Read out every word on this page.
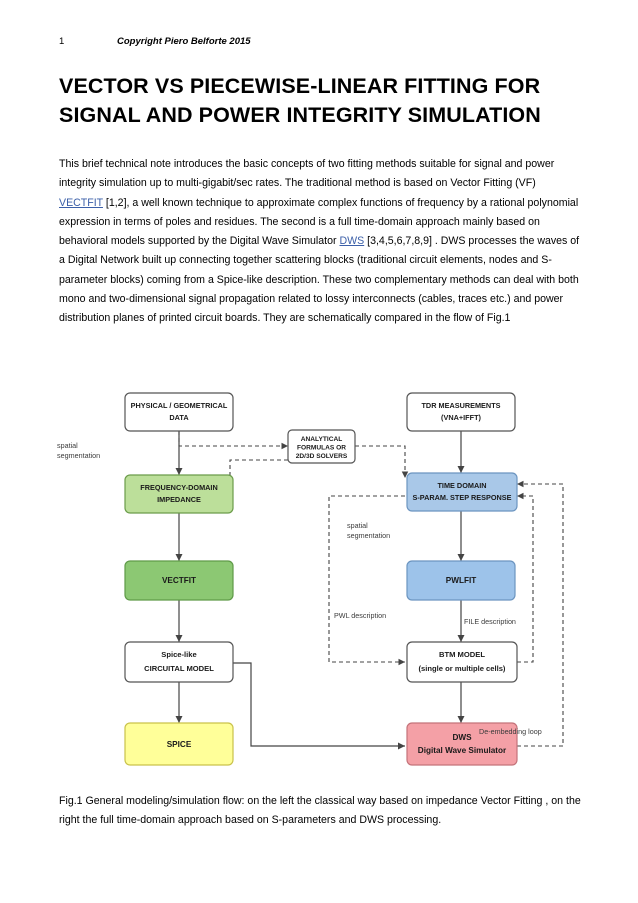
1	Copyright Piero Belforte 2015
VECTOR VS PIECEWISE-LINEAR FITTING FOR SIGNAL AND POWER INTEGRITY SIMULATION
This brief technical note introduces the basic concepts of two fitting methods suitable for signal and power integrity simulation up to multi-gigabit/sec rates. The traditional method is based on Vector Fitting (VF) VECTFIT [1,2], a well known technique to approximate complex functions of frequency by a rational polynomial expression in terms of poles and residues. The second is a full time-domain approach mainly based on behavioral models supported by the Digital Wave Simulator DWS [3,4,5,6,7,8,9] . DWS processes the waves of a Digital Network built up connecting together scattering blocks (traditional circuit elements, nodes and S-parameter blocks) coming from a Spice-like description. These two complementary methods can deal with both mono and two-dimensional signal propagation related to lossy interconnects (cables, traces etc.) and power distribution planes of printed circuit boards. They are schematically compared in the flow of Fig.1
PHYSICAL / GEOMETRICAL
DATA
TDR MEASUREMENTS
(VNA+IFFT)
ANALYTICAL
FORMULAS OR
2D/3D SOLVERS
FREQUENCY-DOMAIN
IMPEDANCE
TIME DOMAIN
S-PARAM. STEP RESPONSE
VECTFIT	PWLFIT
Spice-like
CIRCUITAL MODEL
BTM MODEL
(single or multiple cells)
SPICE
DWS
Digital Wave Simulator
spatial
segmentation
spatial
segmentation
PWL description
FILE description
De-embedding loop
Fig.1 General modeling/simulation flow: on the left the classical way based on impedance Vector Fitting , on the right the full time-domain approach based on S-parameters and DWS processing.
